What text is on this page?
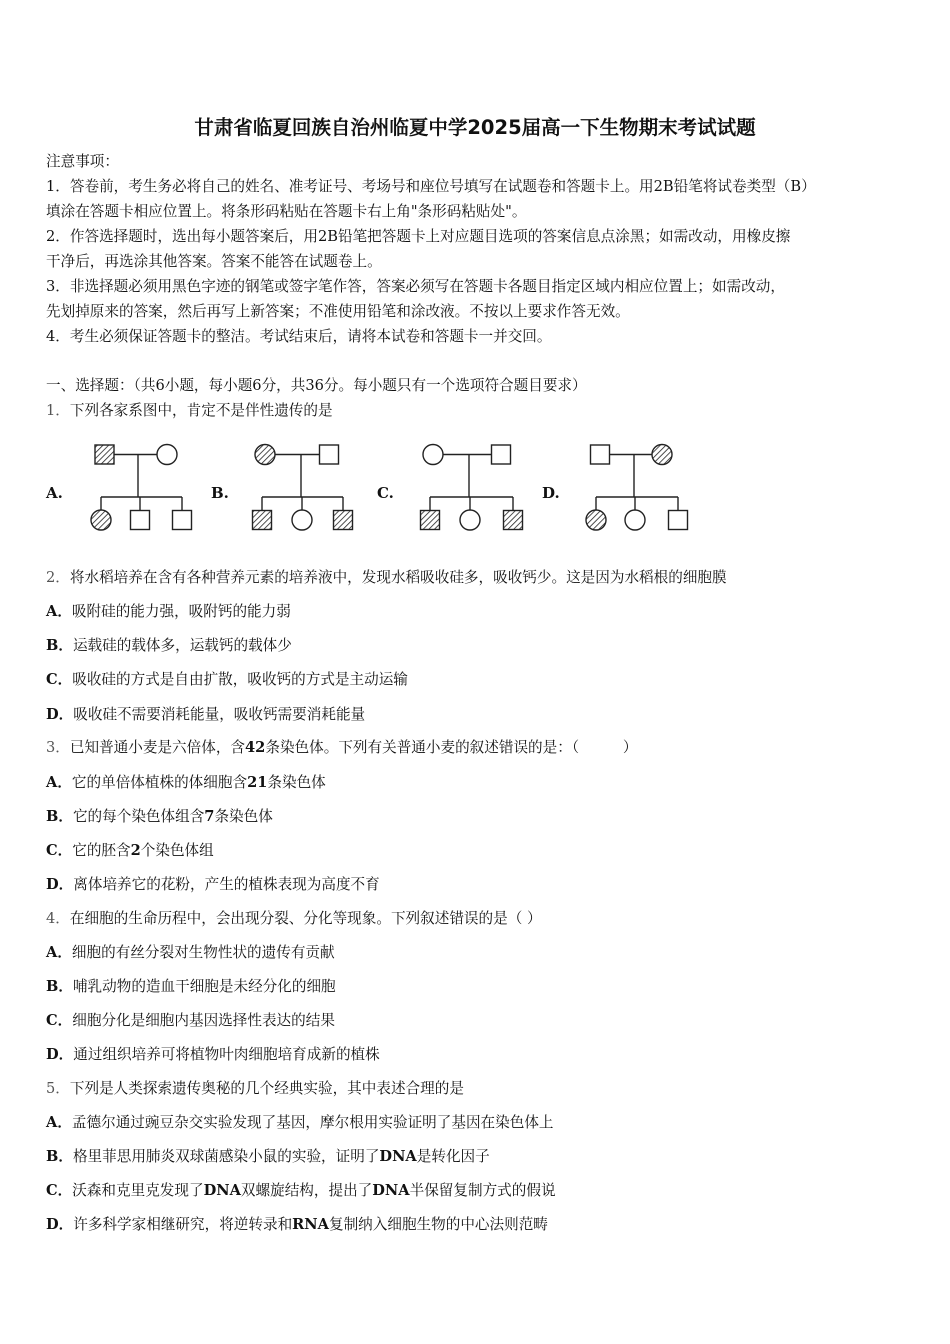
甘肃省临夏回族自治州临夏中学2025届高一下生物期末考试试题
注意事项：
1．答卷前，考生务必将自己的姓名、准考证号、考场号和座位号填写在试题卷和答题卡上。用2B铅笔将试卷类型（B）
填涂在答题卡相应位置上。将条形码粘贴在答题卡右上角"条形码粘贴处"。
2．作答选择题时，选出每小题答案后，用2B铅笔把答题卡上对应题目选项的答案信息点涂黑；如需改动，用橡皮擦
干净后，再选涂其他答案。答案不能答在试题卷上。
3．非选择题必须用黑色字迹的钢笔或签字笔作答，答案必须写在答题卡各题目指定区域内相应位置上；如需改动，
先划掉原来的答案，然后再写上新答案；不准使用铅笔和涂改液。不按以上要求作答无效。
4．考生必须保证答题卡的整洁。考试结束后，请将本试卷和答题卡一并交回。
一、选择题：（共6小题，每小题6分，共36分。每小题只有一个选项符合题目要求）
1．下列各家系图中，肯定不是伴性遗传的是
A.	B.	C.	D.
2．将水稻培养在含有各种营养元素的培养液中，发现水稻吸收硅多，吸收钙少。这是因为水稻根的细胞膜
A．吸附硅的能力强，吸附钙的能力弱
B．运载硅的载体多，运载钙的载体少
C．吸收硅的方式是自由扩散，吸收钙的方式是主动运输
D．吸收硅不需要消耗能量，吸收钙需要消耗能量
3．已知普通小麦是六倍体，含42条染色体。下列有关普通小麦的叙述错误的是：（　　　）
A．它的单倍体植株的体细胞含21条染色体
B．它的每个染色体组含7条染色体
C．它的胚含2个染色体组
D．离体培养它的花粉，产生的植株表现为高度不育
4．在细胞的生命历程中，会出现分裂、分化等现象。下列叙述错误的是（ ）
A．细胞的有丝分裂对生物性状的遗传有贡献
B．哺乳动物的造血干细胞是未经分化的细胞
C．细胞分化是细胞内基因选择性表达的结果
D．通过组织培养可将植物叶肉细胞培育成新的植株
5．下列是人类探索遗传奥秘的几个经典实验，其中表述合理的是
A．孟德尔通过豌豆杂交实验发现了基因，摩尔根用实验证明了基因在染色体上
B．格里菲思用肺炎双球菌感染小鼠的实验，证明了DNA是转化因子
C．沃森和克里克发现了DNA双螺旋结构，提出了DNA半保留复制方式的假说
D．许多科学家相继研究，将逆转录和RNA复制纳入细胞生物的中心法则范畴
